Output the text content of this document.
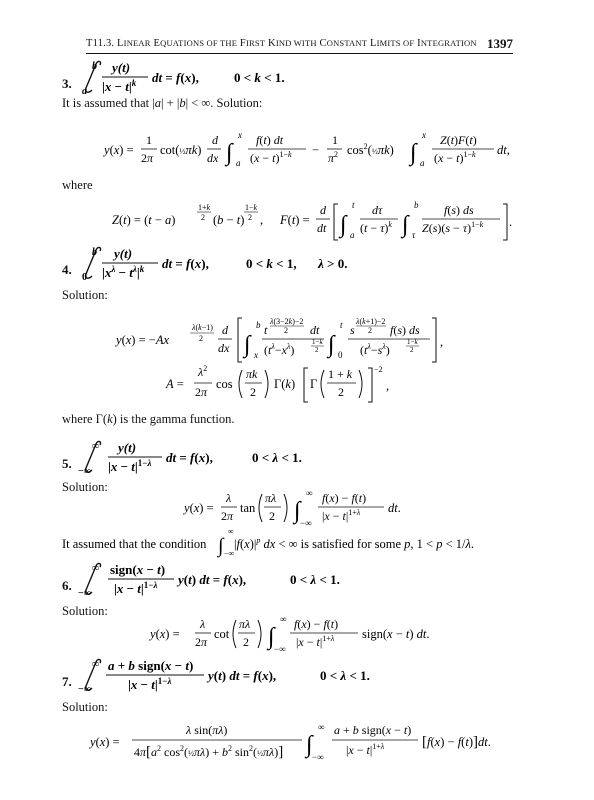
T11.3. LINEAR EQUATIONS OF THE FIRST KIND WITH CONSTANT LIMITS OF INTEGRATION 1397
3.
b
a
y(t)
$|x - t|^k$ dt = f(x),	0 < k < 1.
It is assumed that |a| + |b| < ∞. Solution:
y(x) =
1
2π
cot(½πk)
d
dx ∫
x
a
f(t) dt
$(x - t)^{1-k}$ −
1
$\pi^2$ $\cos^2(\frac{1}{2}\pi k)$ ∫
x
a
Z(t)F(t)
$(x - t)^{1-k}$ dt,
where
Z(t) = (t − a)
1+k
2 (b − t)
1−k
2 , F(t) =
d
dt ∫
t
a
dτ
$(t - \tau)^k$ ∫
b
τ
f(s) ds
$Z(s)(s - \tau)^{1-k}$ .
4.
b
0
y(t)
$|x^\lambda - t^\lambda|^k$ dt = f(x),	0 < k < 1, λ > 0.
Solution:
y(x) = −Ax
λ(k−1)
2
d
dx ∫
b
x
t
λ(3−2k)−2
2 dt
$(t^\lambda-x^\lambda)$
1−k
2 ∫
t
0
s
λ(k+1)−2
2 f(s) ds
$(t^\lambda-s^\lambda)$
1−k
2
,
A =
$\lambda^2$
2π
cos
πk
2
Γ(k) Γ
1 + k
2
−2
,
where Γ(k) is the gamma function.
5.
∞
−∞
y(t)
$|x - t|^{1-\lambda}$ dt = f(x),	0 < λ < 1.
Solution:
y(x) =
λ
2π
tan
πλ
2 ∫
∞
−∞
f(x) − f(t)
$|x - t|^{1+\lambda}$ dt.
It assumed that the condition ∫
∞
−∞
$|f(x)|^p$ dx < ∞ is satisfied for some p, 1 < p < 1/λ.
6.
∞
−∞
sign(x − t)
$|x - t|^{1-\lambda}$ y(t) dt = f(x),	0 < λ < 1.
Solution:
y(x) =
λ
2π
cot
πλ
2 ∫
∞
−∞
f(x) − f(t)
$|x - t|^{1+\lambda}$ sign(x − t) dt.
7.
∞
−∞
a + b sign(x − t)
$|x - t|^{1-\lambda}$	y(t) dt = f(x),	0 < λ < 1.
Solution:
y(x) =
λ sin(πλ)
$4\pi[a^2$ $\cos^2(\frac{1}{2}\pi\lambda) + b^2$ $\sin^2(\frac{1}{2}\pi\lambda)$] ∫
∞
−∞
a + b sign(x − t)
$|x - t|^{1+\lambda}$	[f(x) − f(t)]dt.
